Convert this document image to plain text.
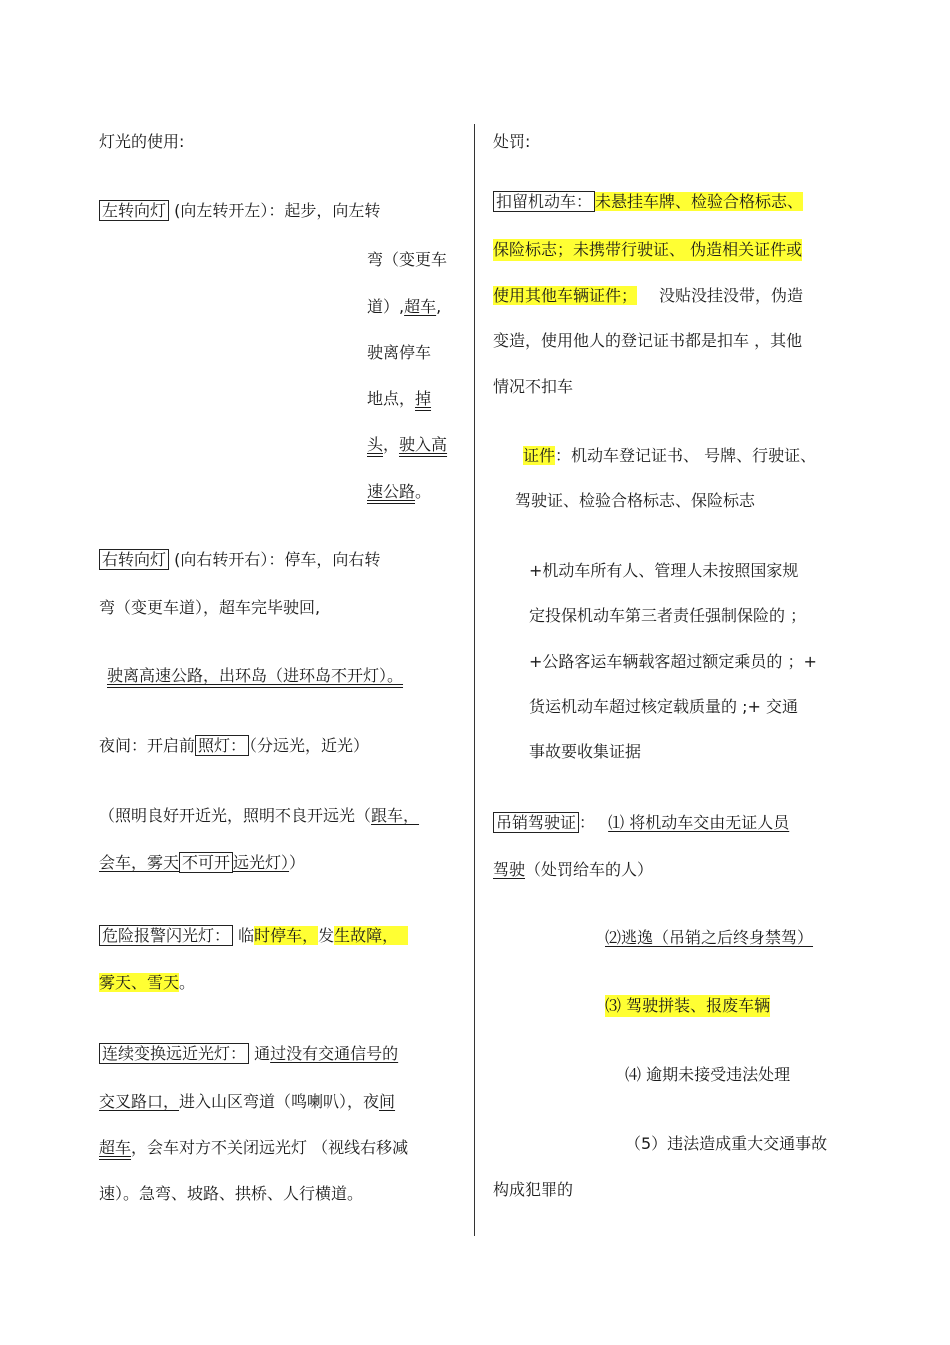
灯光的使用:
左转向灯 (向左转开左）：起步，向左转
弯（变更车
道）,超车,
驶离停车
地点，掉
头，驶入高
速公路。
右转向灯 (向右转开右）：停车，向右转
弯（变更车道），超车完毕驶回,
驶离高速公路，出环岛（进环岛不开灯）。
夜间：开启前 照灯： （分远光，近光）
（照明良好开近光，照明不良开远光（跟车，
会车，雾天 不可开 远光灯））
危险报警闪光灯： 临时停车，发生故障，
雾天、雪天。
连续变换远近光灯： 通过没有交通信号的
交叉路口，进入山区弯道（鸣喇叭），夜间
超车，会车对方不关闭远光灯 （视线右移减
速）。急弯、坡路、拱桥、人行横道。
处罚:
扣留机动车： 未悬挂车牌、检验合格标志、
保险标志；未携带行驶证、 伪造相关证件或
使用其他车辆证件； 没贴没挂没带，伪造
变造，使用他人的登记证书都是扣车 ，其他
情况不扣车
证件：机动车登记证书、 号牌、行驶证、
驾驶证、检验合格标志、保险标志
+机动车所有人、管理人未按照国家规
定投保机动车第三者责任强制保险的 ；
+公路客运车辆载客超过额定乘员的 ；+
货运机动车超过核定载质量的 ;+ 交通
事故要收集证据
吊销驾驶证 ： ⑴ 将机动车交由无证人员
驾驶（处罚给车的人）
⑵逃逸（吊销之后终身禁驾）
⑶ 驾驶拼装、报废车辆
⑷ 逾期未接受违法处理
（5）违法造成重大交通事故
构成犯罪的
